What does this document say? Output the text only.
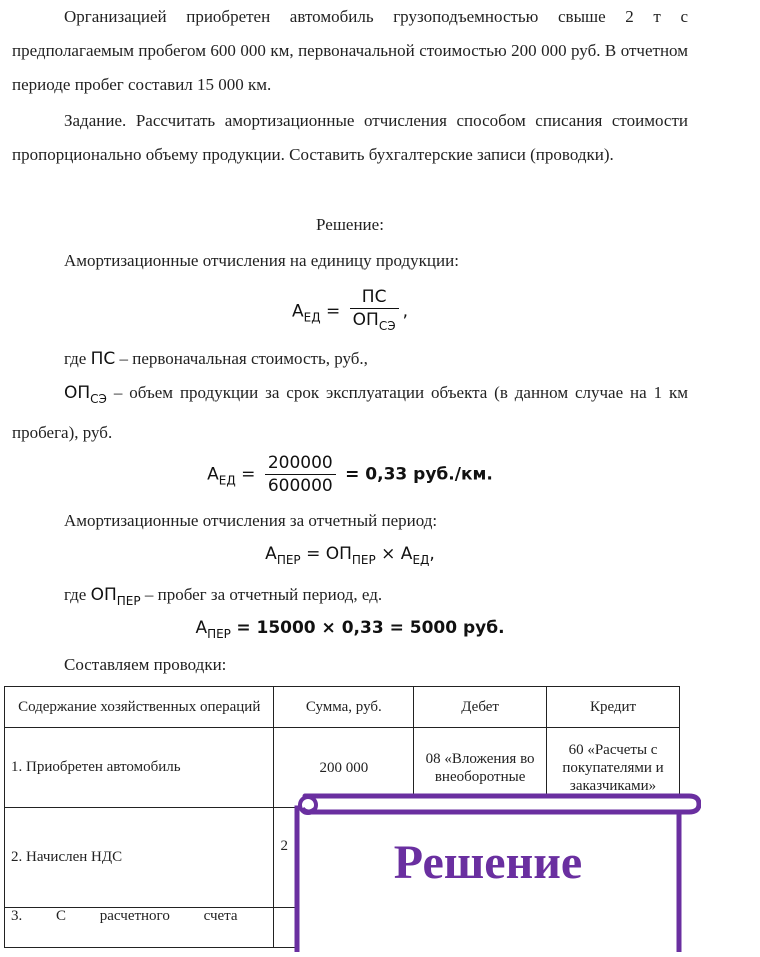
Организацией приобретен автомобиль грузоподъемностью свыше 2 т с предполагаемым пробегом 600 000 км, первоначальной стоимостью 200 000 руб. В отчетном периоде пробег составил 15 000 км.
Задание. Рассчитать амортизационные отчисления способом списания стоимости пропорционально объему продукции. Составить бухгалтерские записи (проводки).
Решение:
Амортизационные отчисления на единицу продукции:
$А_{ЕД} = \frac{ПС}{ОП_{СЭ}}$ ,
где ПС – первоначальная стоимость, руб.,
$ОП_{СЭ}$ – объем продукции за срок эксплуатации объекта (в данном случае на 1 км пробега), руб.
$А_{ЕД} = \frac{200000}{600000} = 0,33$ руб./км.
Амортизационные отчисления за отчетный период:
$А_{ПЕР} = ОП_{ПЕР} \times А_{ЕД}$,
где $ОП_{ПЕР}$ – пробег за отчетный период, ед.
$А_{ПЕР} = 15000 \times 0,33 = 5000$ руб.
Составляем проводки:
Содержание хозяйственных операций	Сумма, руб.	Дебет	Кредит
1. Приобретен автомобиль	200 000	08 «Вложения во внеоборотные	60 «Расчеты с покупателями и заказчиками»
2. Начислен НДС	2		
3. С расчетного счета			
Решение
